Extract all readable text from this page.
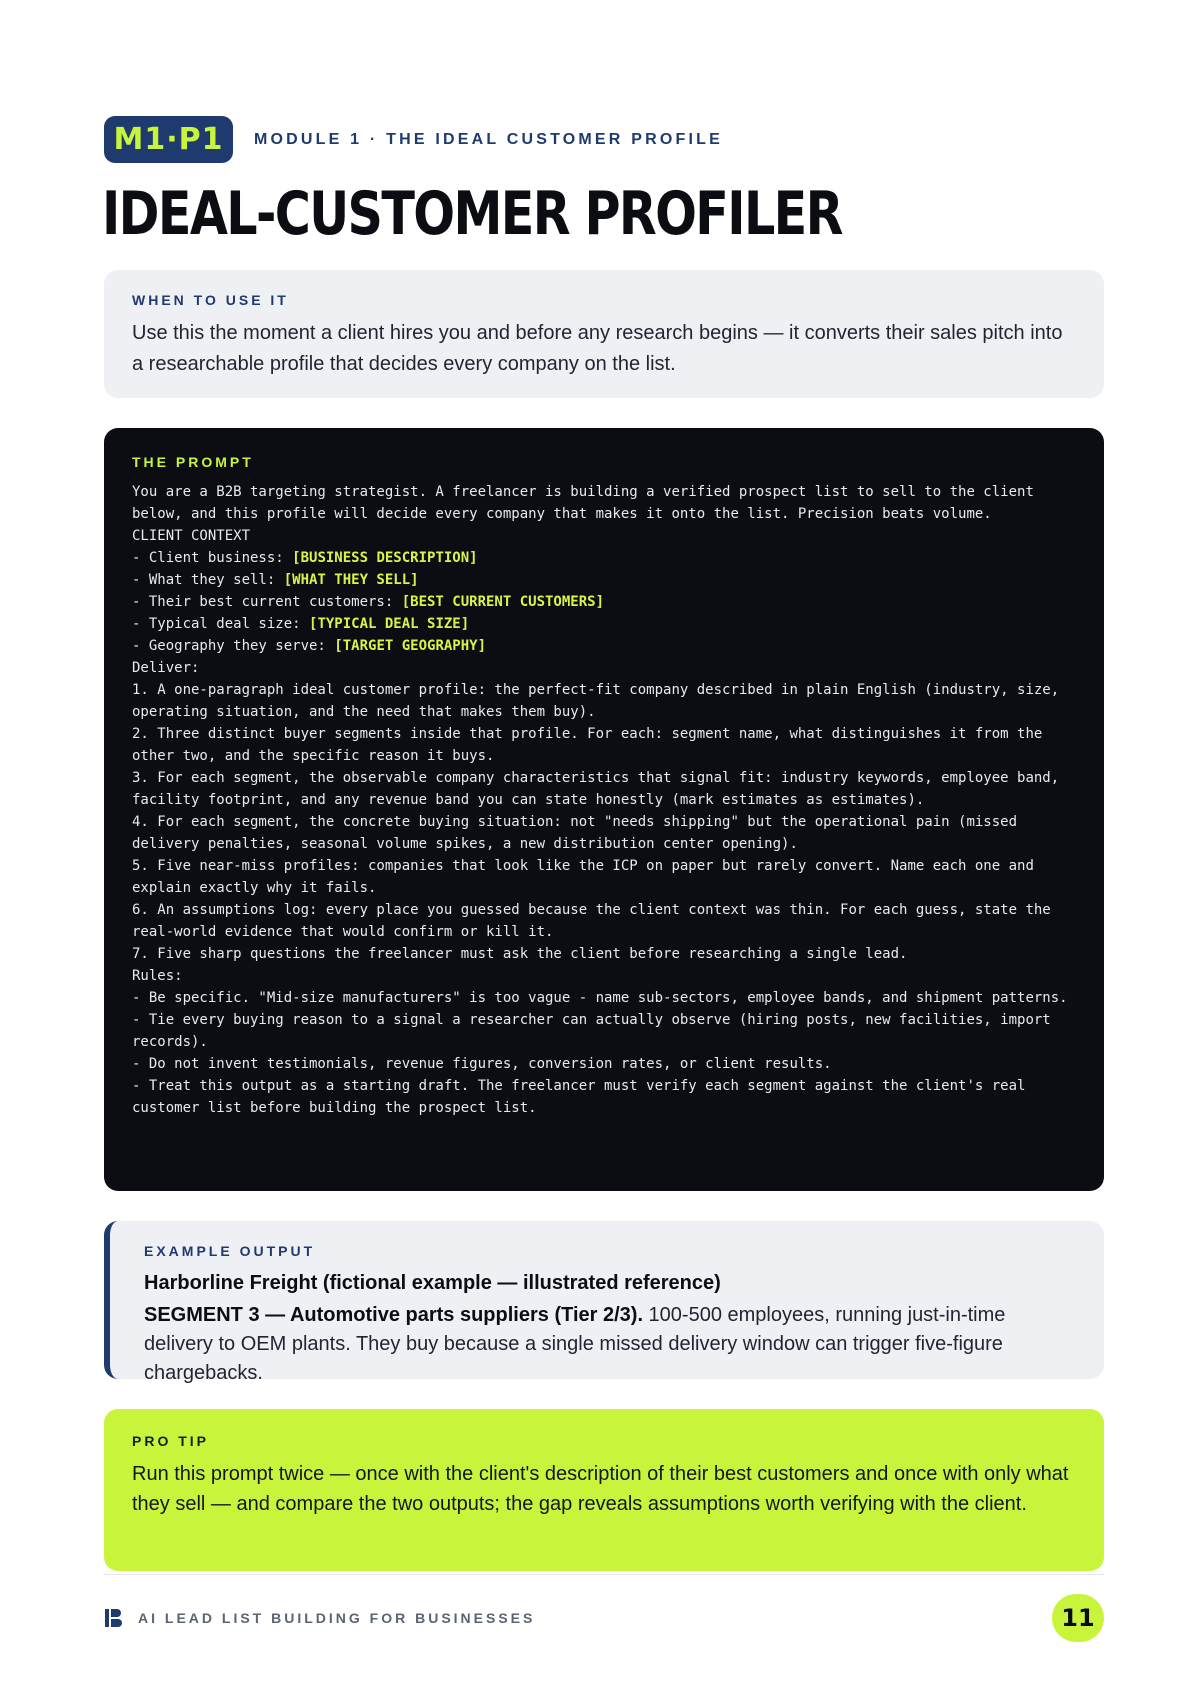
M1·P1	MODULE 1 · THE IDEAL CUSTOMER PROFILE
IDEAL-CUSTOMER PROFILER

WHEN TO USE IT

Use this the moment a client hires you and before any research begins — it converts their sales pitch into a researchable profile that decides every company on the list.

THE PROMPT

You are a B2B targeting strategist. A freelancer is building a verified prospect list to sell to the client below, and this profile will decide every company that makes it onto the list. Precision beats volume.
CLIENT CONTEXT
- Client business: [BUSINESS DESCRIPTION]
- What they sell: [WHAT THEY SELL]
- Their best current customers: [BEST CURRENT CUSTOMERS]
- Typical deal size: [TYPICAL DEAL SIZE]
- Geography they serve: [TARGET GEOGRAPHY]
Deliver:
1. A one-paragraph ideal customer profile: the perfect-fit company described in plain English (industry, size, operating situation, and the need that makes them buy).
2. Three distinct buyer segments inside that profile. For each: segment name, what distinguishes it from the other two, and the specific reason it buys.
3. For each segment, the observable company characteristics that signal fit: industry keywords, employee band, facility footprint, and any revenue band you can state honestly (mark estimates as estimates).
4. For each segment, the concrete buying situation: not "needs shipping" but the operational pain (missed delivery penalties, seasonal volume spikes, a new distribution center opening).
5. Five near-miss profiles: companies that look like the ICP on paper but rarely convert. Name each one and explain exactly why it fails.
6. An assumptions log: every place you guessed because the client context was thin. For each guess, state the real-world evidence that would confirm or kill it.
7. Five sharp questions the freelancer must ask the client before researching a single lead.
Rules:
- Be specific. "Mid-size manufacturers" is too vague - name sub-sectors, employee bands, and shipment patterns.
- Tie every buying reason to a signal a researcher can actually observe (hiring posts, new facilities, import records).
- Do not invent testimonials, revenue figures, conversion rates, or client results.
- Treat this output as a starting draft. The freelancer must verify each segment against the client's real customer list before building the prospect list.

EXAMPLE OUTPUT

Harborline Freight (fictional example — illustrated reference)

SEGMENT 3 — Automotive parts suppliers (Tier 2/3). 100-500 employees, running just-in-time delivery to OEM plants. They buy because a single missed delivery window can trigger five-figure chargebacks.

PRO TIP

Run this prompt twice — once with the client's description of their best customers and once with only what they sell — and compare the two outputs; the gap reveals assumptions worth verifying with the client.

AI LEAD LIST BUILDING FOR BUSINESSES	11
